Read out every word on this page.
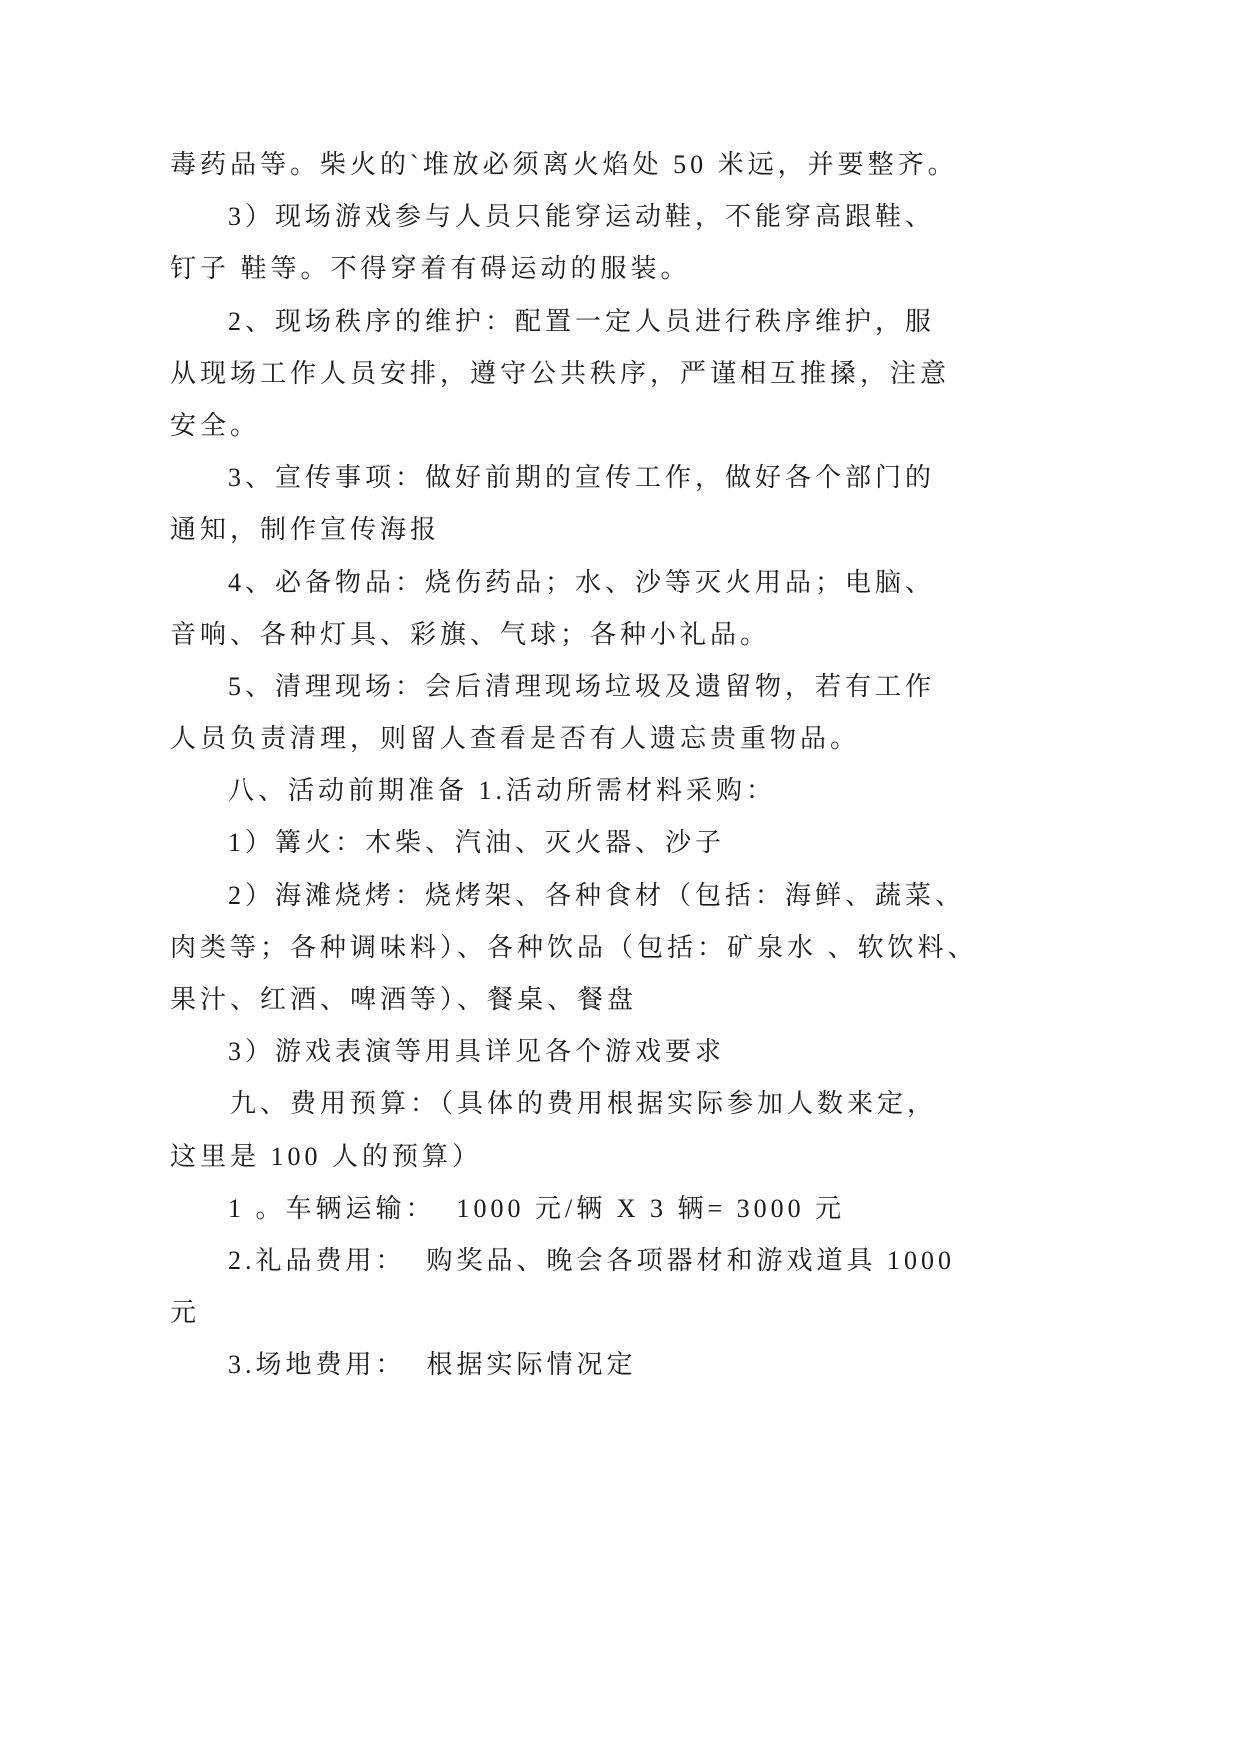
毒药品等。柴火的`堆放必须离火焰处 50 米远，并要整齐。
3）现场游戏参与人员只能穿运动鞋，不能穿高跟鞋、
钉子 鞋等。不得穿着有碍运动的服装。
2、现场秩序的维护：配置一定人员进行秩序维护，服
从现场工作人员安排，遵守公共秩序，严谨相互推搡，注意
安全。
3、宣传事项：做好前期的宣传工作，做好各个部门的
通知，制作宣传海报
4、必备物品：烧伤药品；水、沙等灭火用品；电脑、
音响、各种灯具、彩旗、气球；各种小礼品。
5、清理现场：会后清理现场垃圾及遗留物，若有工作
人员负责清理，则留人查看是否有人遗忘贵重物品。
八、活动前期准备 1.活动所需材料采购：
1）篝火：木柴、汽油、灭火器、沙子
2）海滩烧烤：烧烤架、各种食材（包括：海鲜、蔬菜、
肉类等；各种调味料）、各种饮品（包括：矿泉水 、软饮料、
果汁、红酒、啤酒等）、餐桌、餐盘
3）游戏表演等用具详见各个游戏要求
九、费用预算：（具体的费用根据实际参加人数来定，
这里是 100 人的预算）
1 。车辆运输：  1000 元/辆 X 3 辆= 3000 元
2.礼品费用：  购奖品、晚会各项器材和游戏道具 1000
元
3.场地费用：  根据实际情况定
